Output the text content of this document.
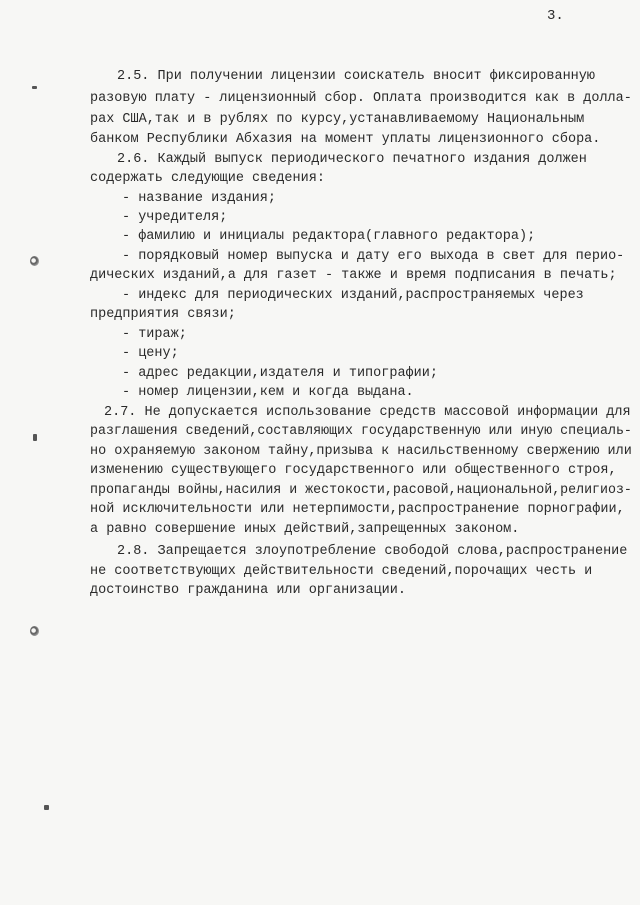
3.
2.5. При получении лицензии соискатель вносит фиксированную
разовую плату - лицензионный сбор. Оплата производится как в долла-
рах США,так и в рублях по курсу,устанавливаемому Национальным
банком Республики Абхазия на момент уплаты лицензионного сбора.
2.6. Каждый выпуск периодического печатного издания должен
содержать следующие сведения:
- название издания;
- учредителя;
- фамилию и инициалы редактора(главного редактора);
- порядковый номер выпуска и дату его выхода в свет для перио-
дических изданий,а для газет - также и время подписания в печать;
- индекс для периодических изданий,распространяемых через
предприятия связи;
- тираж;
- цену;
- адрес редакции,издателя и типографии;
- номер лицензии,кем и когда выдана.
2.7. Не допускается использование средств массовой информации для
разглашения сведений,составляющих государственную или иную специаль-
но охраняемую законом тайну,призыва к насильственному свержению или
изменению существующего государственного или общественного строя,
пропаганды войны,насилия и жестокости,расовой,национальной,религиоз-
ной исключительности или нетерпимости,распространение порнографии,
а равно совершение иных действий,запрещенных законом.
2.8. Запрещается злоупотребление свободой слова,распространение
не соответствующих действительности сведений,порочащих честь и
достоинство гражданина или организации.
